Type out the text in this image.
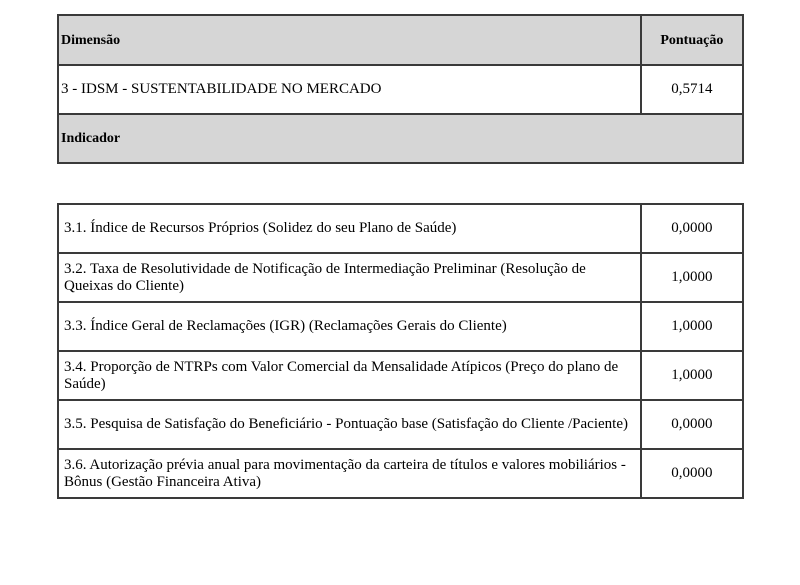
Dimensão	Pontuação
3 - IDSM - SUSTENTABILIDADE NO MERCADO	0,5714
Indicador	
3.1. Índice de Recursos Próprios (Solidez do seu Plano de Saúde)	0,0000
3.2. Taxa de Resolutividade de Notificação de Intermediação Preliminar (Resolução de Queixas do Cliente)	1,0000
3.3. Índice Geral de Reclamações (IGR) (Reclamações Gerais do Cliente)	1,0000
3.4. Proporção de NTRPs com Valor Comercial da Mensalidade Atípicos (Preço do plano de Saúde)	1,0000
3.5. Pesquisa de Satisfação do Beneficiário - Pontuação base (Satisfação do Cliente /Paciente)	0,0000
3.6. Autorização prévia anual para movimentação da carteira de títulos e valores mobiliários - Bônus (Gestão Financeira Ativa)	0,0000
